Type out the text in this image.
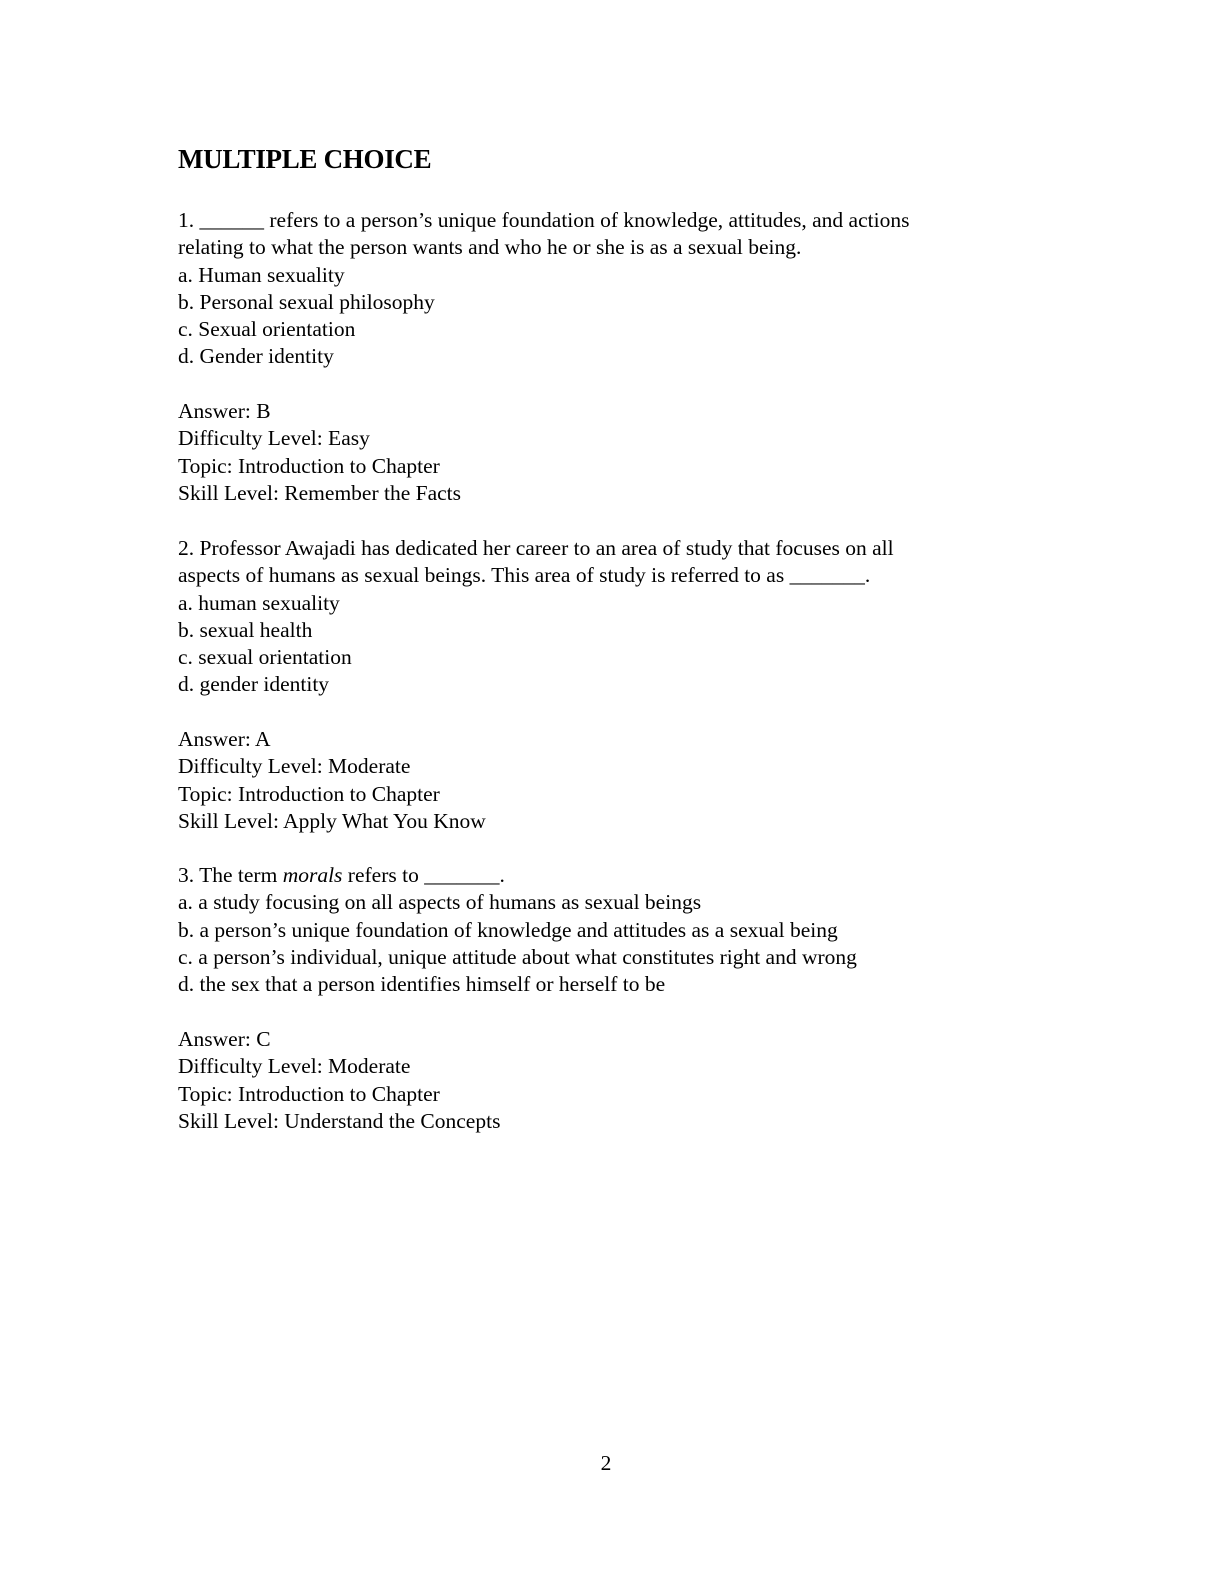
MULTIPLE CHOICE
1. ______ refers to a person’s unique foundation of knowledge, attitudes, and actions
relating to what the person wants and who he or she is as a sexual being.
a. Human sexuality
b. Personal sexual philosophy
c. Sexual orientation
d. Gender identity
Answer: B
Difficulty Level: Easy
Topic: Introduction to Chapter
Skill Level: Remember the Facts
2. Professor Awajadi has dedicated her career to an area of study that focuses on all
aspects of humans as sexual beings. This area of study is referred to as _______.
a. human sexuality
b. sexual health
c. sexual orientation
d. gender identity
Answer: A
Difficulty Level: Moderate
Topic: Introduction to Chapter
Skill Level: Apply What You Know
3. The term morals refers to _______.
a. a study focusing on all aspects of humans as sexual beings
b. a person’s unique foundation of knowledge and attitudes as a sexual being
c. a person’s individual, unique attitude about what constitutes right and wrong
d. the sex that a person identifies himself or herself to be
Answer: C
Difficulty Level: Moderate
Topic: Introduction to Chapter
Skill Level: Understand the Concepts
2
